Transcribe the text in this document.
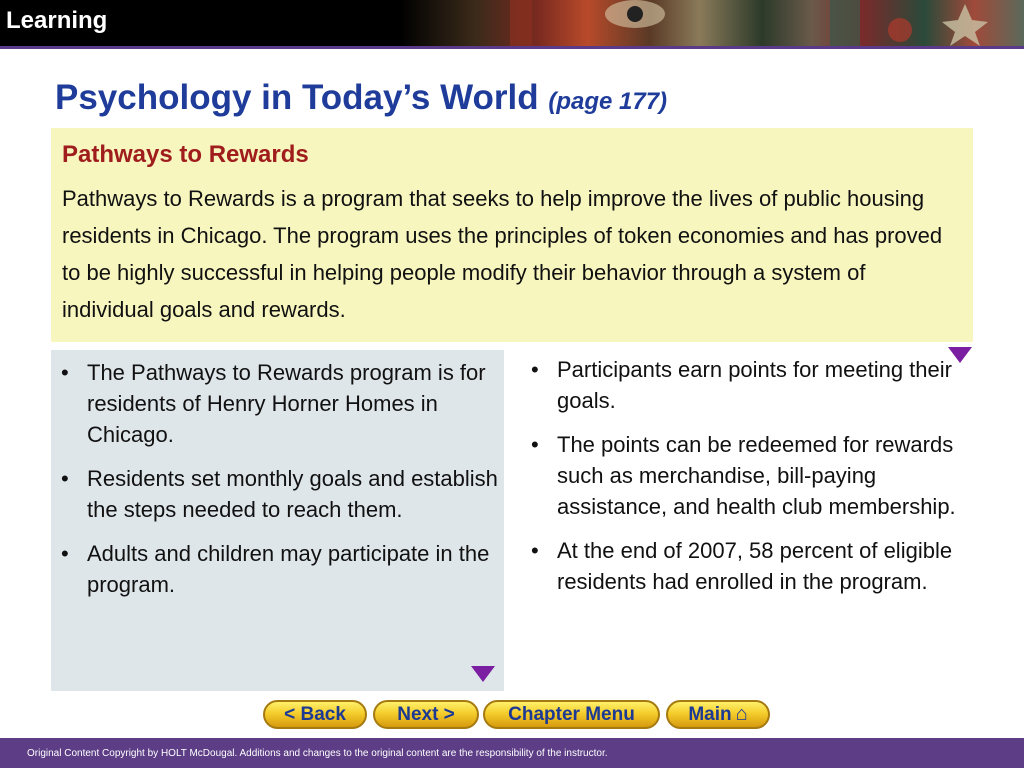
Learning
Psychology in Today’s World (page 177)
Pathways to Rewards
Pathways to Rewards is a program that seeks to help improve the lives of public housing residents in Chicago. The program uses the principles of token economies and has proved to be highly successful in helping people modify their behavior through a system of individual goals and rewards.
• The Pathways to Rewards program is for residents of Henry Horner Homes in Chicago.
• Residents set monthly goals and establish the steps needed to reach them.
• Adults and children may participate in the program.
• Participants earn points for meeting their goals.
• The points can be redeemed for rewards such as merchandise, bill-paying assistance, and health club membership.
• At the end of 2007, 58 percent of eligible residents had enrolled in the program.
< Back	Next >	Chapter Menu	Main ⌂
Original Content Copyright by HOLT McDougal. Additions and changes to the original content are the responsibility of the instructor.
